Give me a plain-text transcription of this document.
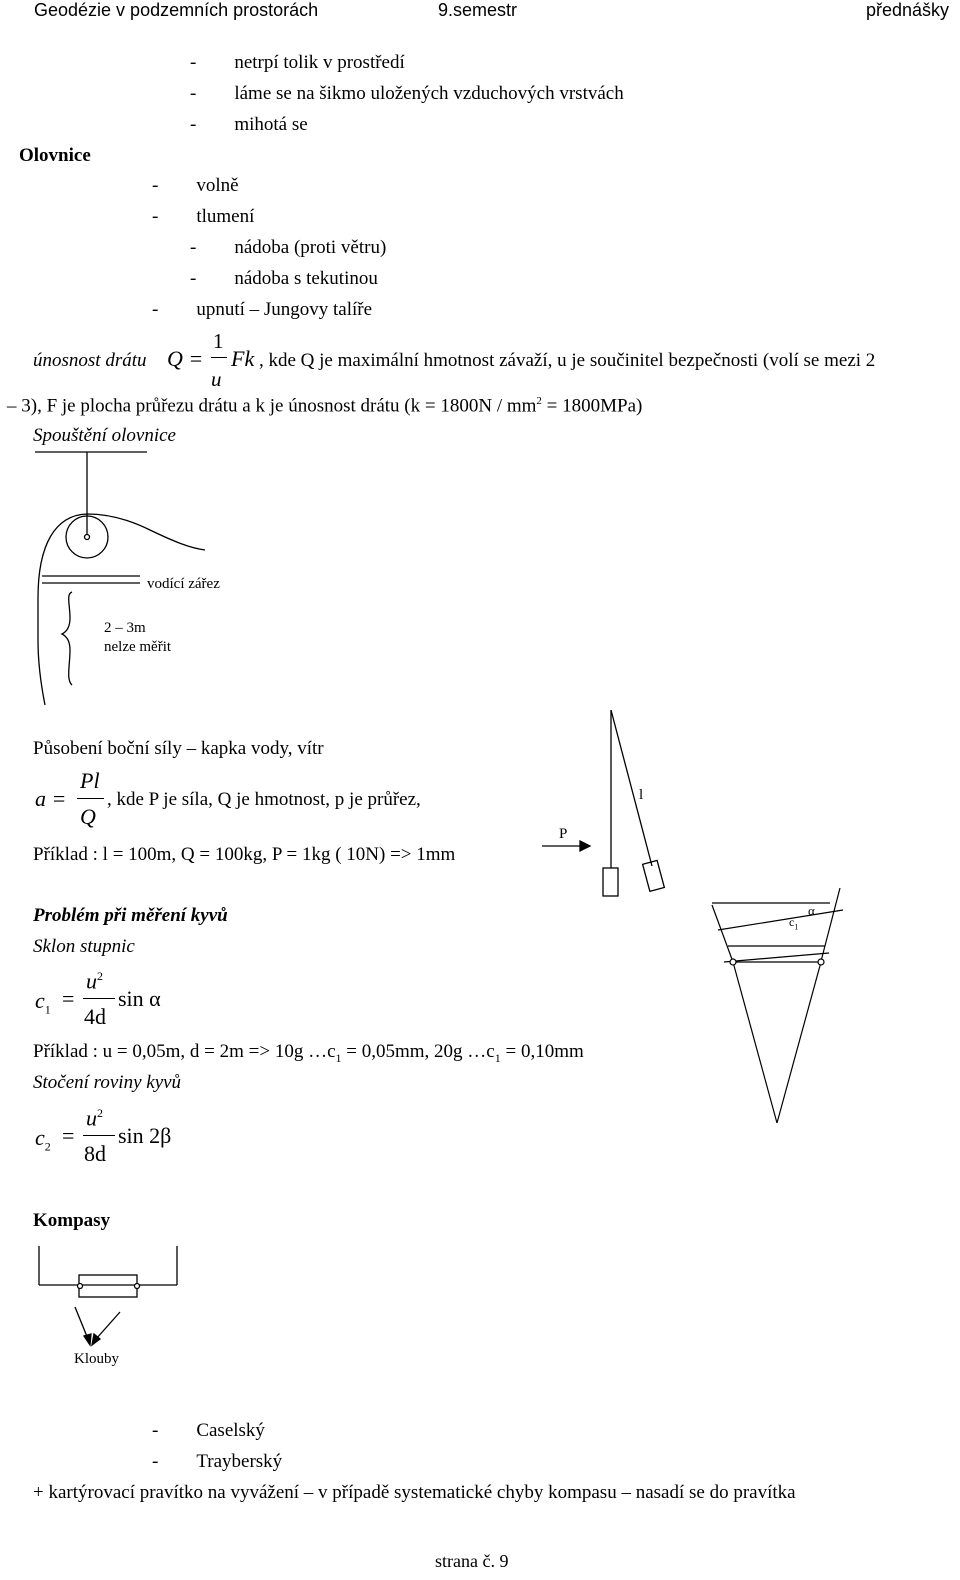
Geodézie v podzemních prostorách	9.semestr	přednášky
- netrpí tolik v prostředí
- láme se na šikmo uložených vzduchových vrstvách
- mihotá se
Olovnice
- volně
- tlumení
- nádoba (proti větru)
- nádoba s tekutinou
- upnutí – Jungovy talíře
únosnost drátu Q =
1
u
Fk , kde Q je maximální hmotnost závaží, u je součinitel bezpečnosti (volí se mezi 2
– 3), F je plocha průřezu drátu a k je únosnost drátu $(k = 1800N / mm^2 = 1800MPa)$
Spouštění olovnice
vodící zářez
2 – 3m
nelze měřit
Působení boční síly – kapka vody, vítr
a =
Pl
Q
, kde P je síla, Q je hmotnost, p je průřez,
Příklad : l = 100m, Q = 100kg, P = 1kg ( 10N) => 1mm
l
P
Problém při měření kyvů
Sklon stupnic
$c_1$ =
$u^2$
4d
sin α
Příklad : u = 0,05m, d = 2m => 10g $\dots c_1 = 0,05mm$, 20g $\dots c_1 = 0,10mm$
Stočení roviny kyvů
$c_2$ =
$u^2$
8d
sin 2β
$c_1$
α
Kompasy
Klouby
- Caselský
- Trayberský
+ kartýrovací pravítko na vyvážení – v případě systematické chyby kompasu – nasadí se do pravítka
strana č. 9
